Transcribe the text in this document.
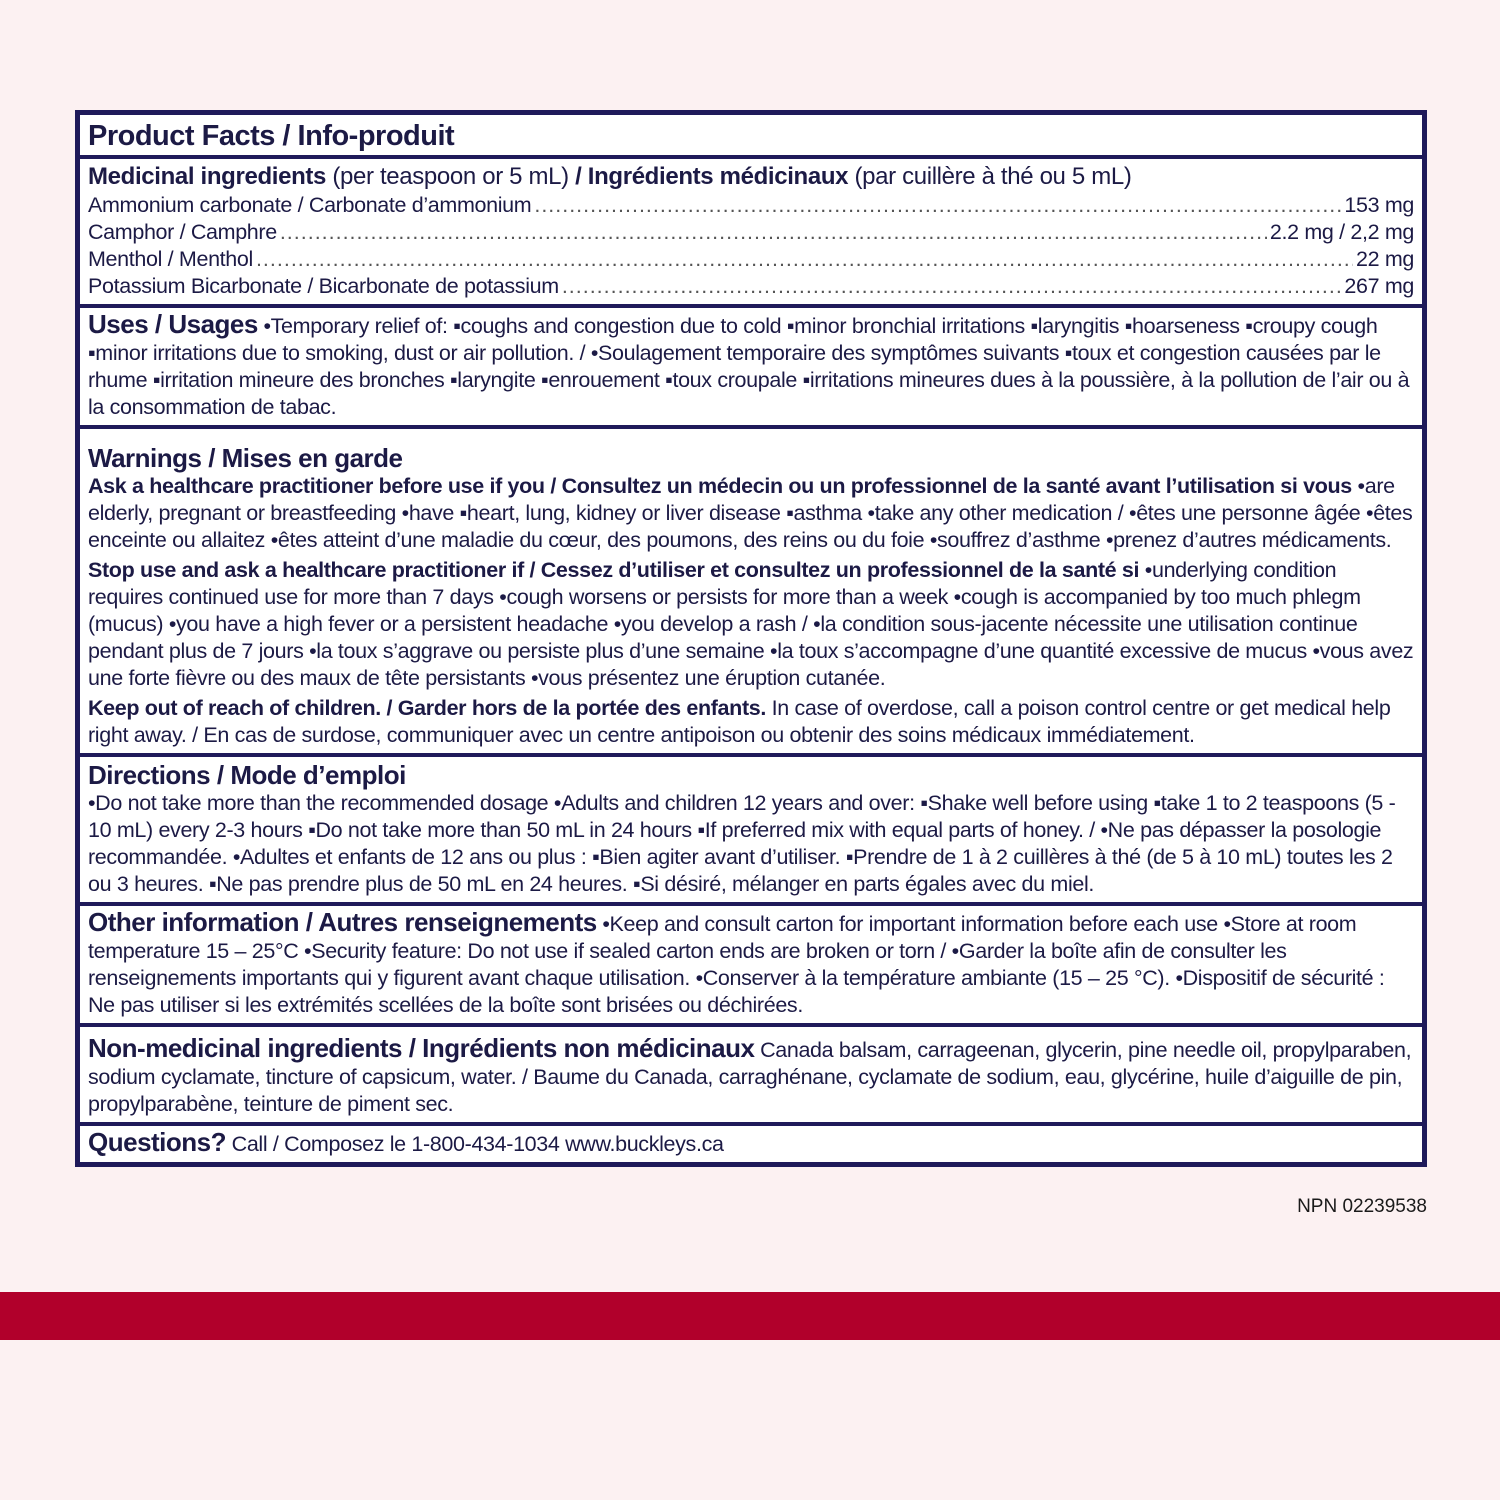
Product Facts / Info-produit
Medicinal ingredients (per teaspoon or 5 mL) / Ingrédients médicinaux (par cuillère à thé ou 5 mL)
Ammonium carbonate / Carbonate d’ammonium .....	153 mg
Camphor / Camphre .....	2.2 mg / 2,2 mg
Menthol / Menthol .....	22 mg
Potassium Bicarbonate / Bicarbonate de potassium .....	267 mg

Uses / Usages •Temporary relief of: ▪coughs and congestion due to cold ▪minor bronchial irritations ▪laryngitis ▪hoarseness ▪croupy cough ▪minor irritations due to smoking, dust or air pollution. / •Soulagement temporaire des symptômes suivants ▪toux et congestion causées par le rhume ▪irritation mineure des bronches ▪laryngite ▪enrouement ▪toux croupale ▪irritations mineures dues à la poussière, à la pollution de l’air ou à la consommation de tabac.

Warnings / Mises en garde

Ask a healthcare practitioner before use if you / Consultez un médecin ou un professionnel de la santé avant l’utilisation si vous •are elderly, pregnant or breastfeeding •have ▪heart, lung, kidney or liver disease ▪asthma •take any other medication / •êtes une personne âgée •êtes enceinte ou allaitez •êtes atteint d’une maladie du cœur, des poumons, des reins ou du foie •souffrez d’asthme •prenez d’autres médicaments.

Stop use and ask a healthcare practitioner if / Cessez d’utiliser et consultez un professionnel de la santé si •underlying condition requires continued use for more than 7 days •cough worsens or persists for more than a week •cough is accompanied by too much phlegm (mucus) •you have a high fever or a persistent headache •you develop a rash / •la condition sous-jacente nécessite une utilisation continue pendant plus de 7 jours •la toux s’aggrave ou persiste plus d’une semaine •la toux s’accompagne d’une quantité excessive de mucus •vous avez une forte fièvre ou des maux de tête persistants •vous présentez une éruption cutanée.

Keep out of reach of children. / Garder hors de la portée des enfants. In case of overdose, call a poison control centre or get medical help right away. / En cas de surdose, communiquer avec un centre antipoison ou obtenir des soins médicaux immédiatement.

Directions / Mode d’emploi

•Do not take more than the recommended dosage •Adults and children 12 years and over: ▪Shake well before using ▪take 1 to 2 teaspoons (5 - 10 mL) every 2-3 hours ▪Do not take more than 50 mL in 24 hours ▪If preferred mix with equal parts of honey. / •Ne pas dépasser la posologie recommandée. •Adultes et enfants de 12 ans ou plus : ▪Bien agiter avant d’utiliser. ▪Prendre de 1 à 2 cuillères à thé (de 5 à 10 mL) toutes les 2 ou 3 heures. ▪Ne pas prendre plus de 50 mL en 24 heures. ▪Si désiré, mélanger en parts égales avec du miel.

Other information / Autres renseignements •Keep and consult carton for important information before each use •Store at room temperature 15 – 25°C •Security feature: Do not use if sealed carton ends are broken or torn / •Garder la boîte afin de consulter les renseignements importants qui y figurent avant chaque utilisation. •Conserver à la température ambiante (15 – 25 °C). •Dispositif de sécurité : Ne pas utiliser si les extrémités scellées de la boîte sont brisées ou déchirées.

Non-medicinal ingredients / Ingrédients non médicinaux Canada balsam, carrageenan, glycerin, pine needle oil, propylparaben, sodium cyclamate, tincture of capsicum, water. / Baume du Canada, carraghénane, cyclamate de sodium, eau, glycérine, huile d’aiguille de pin, propylparabène, teinture de piment sec.

Questions? Call / Composez le 1-800-434-1034 www.buckleys.ca

NPN 02239538
